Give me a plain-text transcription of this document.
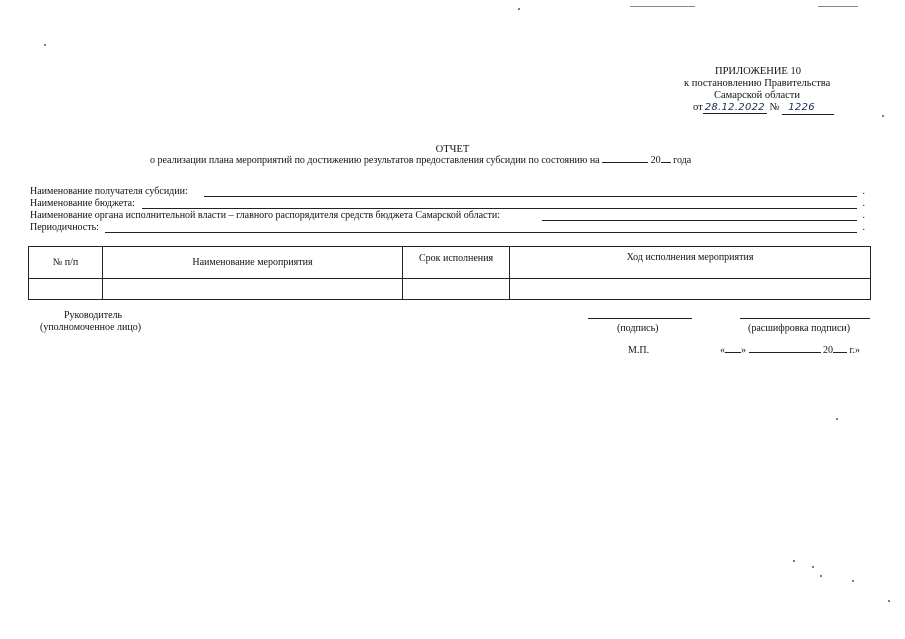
ПРИЛОЖЕНИЕ 10
к постановлению Правительства
Самарской области
от 28.12.2022 № 1226
ОТЧЕТ
о реализации плана мероприятий по достижению результатов предоставления субсидии по состоянию на	20 года
Наименование получателя субсидии:	.
Наименование бюджета:	.
Наименование органа исполнительной власти – главного распорядителя средств бюджета Самарской области:	.
Периодичность:	.
№ п/п	Наименование мероприятия	Срок исполнения	Ход исполнения мероприятия

Руководитель
(уполномоченное лицо)	(подпись)	(расшифровка подписи)
М.П.	« »	20 г.»
